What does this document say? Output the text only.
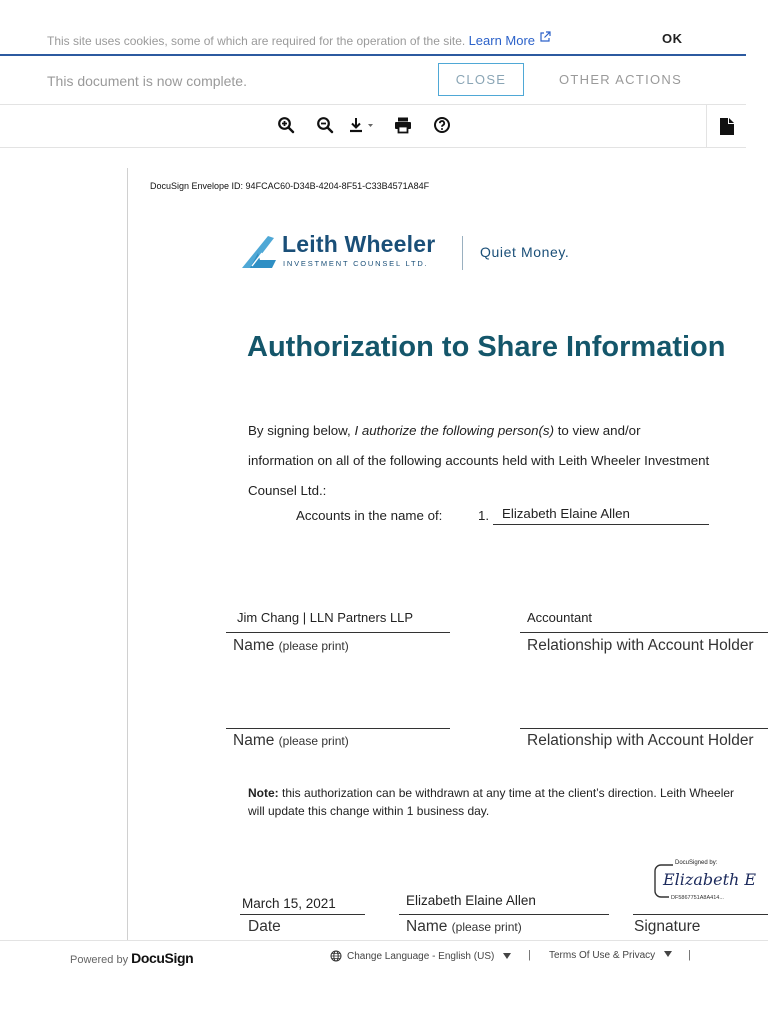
This site uses cookies, some of which are required for the operation of the site. Learn More	OK
This document is now complete.	CLOSE	OTHER ACTIONS
DocuSign Envelope ID: 94FCAC60-D34B-4204-8F51-C33B4571A84F
Leith Wheeler
INVESTMENT COUNSEL LTD.
Quiet Money.
Authorization to Share Information

By signing below, I authorize the following person(s) to view and/or

information on all of the following accounts held with Leith Wheeler Investment

Counsel Ltd.:

Accounts in the name of:	1. Elizabeth Elaine Allen
Jim Chang | LLN Partners LLP
Name (please print)
Accountant
Relationship with Account Holder
Name (please print)	Relationship with Account Holder

Note: this authorization can be withdrawn at any time at the client’s direction. Leith Wheeler

will update this change within 1 business day.

DocuSigned by:
Elizabeth E
DF5867751A8A414...
March 15, 2021
Date
Elizabeth Elaine Allen
Name (please print)	Signature
Powered by DocuSign	Change Language - English (US)	| Terms Of Use & Privacy	|
